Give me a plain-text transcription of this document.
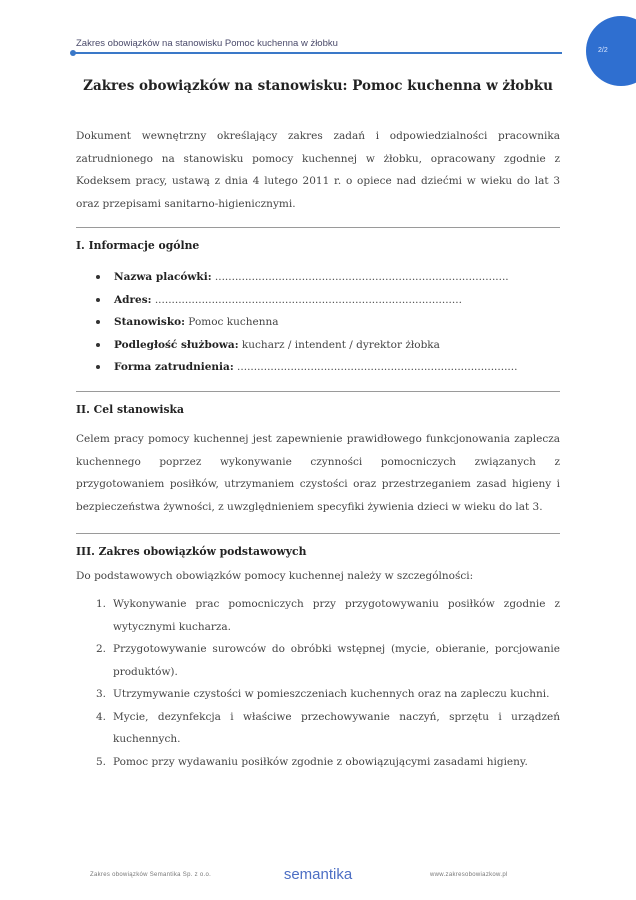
2/2
Zakres obowiązków na stanowisku Pomoc kuchenna w żłobku
Zakres obowiązków na stanowisku: Pomoc kuchenna w żłobku
Dokument wewnętrzny określający zakres zadań i odpowiedzialności pracownika zatrudnionego na stanowisku pomocy kuchennej w żłobku, opracowany zgodnie z Kodeksem pracy, ustawą z dnia 4 lutego 2011 r. o opiece nad dziećmi w wieku do lat 3 oraz przepisami sanitarno-higienicznymi.
I. Informacje ogólne
Nazwa placówki: ........................................................................................
Adres: ............................................................................................
Stanowisko: Pomoc kuchenna
Podległość służbowa: kucharz / intendent / dyrektor żłobka
Forma zatrudnienia: ....................................................................................
II. Cel stanowiska
Celem pracy pomocy kuchennej jest zapewnienie prawidłowego funkcjonowania zaplecza kuchennego poprzez wykonywanie czynności pomocniczych związanych z przygotowaniem posiłków, utrzymaniem czystości oraz przestrzeganiem zasad higieny i bezpieczeństwa żywności, z uwzględnieniem specyfiki żywienia dzieci w wieku do lat 3.
III. Zakres obowiązków podstawowych
Do podstawowych obowiązków pomocy kuchennej należy w szczególności:
1. Wykonywanie prac pomocniczych przy przygotowywaniu posiłków zgodnie z wytycznymi kucharza.
2. Przygotowywanie surowców do obróbki wstępnej (mycie, obieranie, porcjowanie produktów).
3. Utrzymywanie czystości w pomieszczeniach kuchennych oraz na zapleczu kuchni.
4. Mycie, dezynfekcja i właściwe przechowywanie naczyń, sprzętu i urządzeń kuchennych.
5. Pomoc przy wydawaniu posiłków zgodnie z obowiązującymi zasadami higieny.
Zakres obowiązków Semantika Sp. z o.o.	semantika	www.zakresobowiazkow.pl
